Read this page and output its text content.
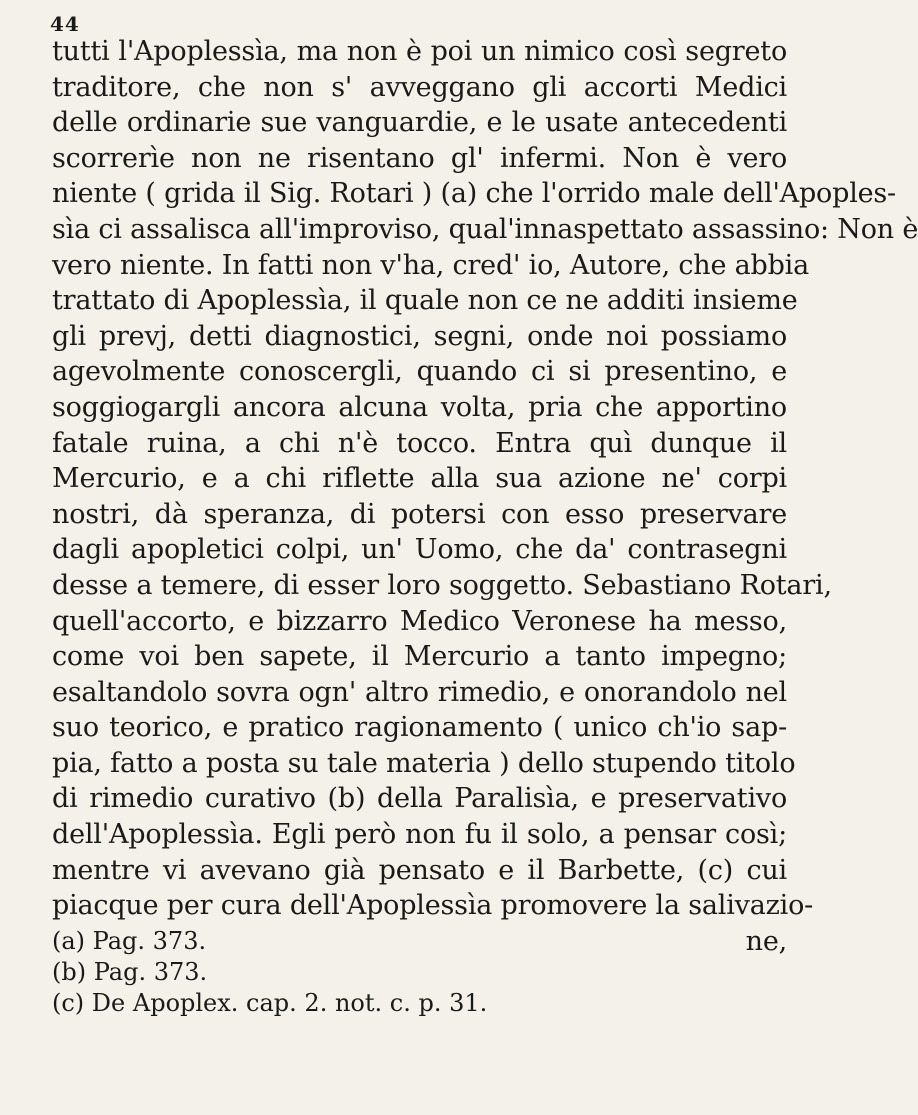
44
tutti l'Apoplessìa, ma non è poi un nimico così segreto
traditore, che non s' avveggano gli accorti Medici
delle ordinarie sue vanguardie, e le usate antecedenti
scorrerìe non ne risentano gl' infermi. Non è vero
niente ( grida il Sig. Rotari ) (a) che l'orrido male dell'Apoples-
sìa ci assalisca all'improviso, qual'innaspettato assassino: Non è
vero niente. In fatti non v'ha, cred' io, Autore, che abbia
trattato di Apoplessìa, il quale non ce ne additi insieme
gli prevj, detti diagnostici, segni, onde noi possiamo
agevolmente conoscergli, quando ci si presentino, e
soggiogargli ancora alcuna volta, pria che apportino
fatale ruina, a chi n'è tocco. Entra quì dunque il
Mercurio, e a chi riflette alla sua azione ne' corpi
nostri, dà speranza, di potersi con esso preservare
dagli apopletici colpi, un' Uomo, che da' contrasegni
desse a temere, di esser loro soggetto. Sebastiano Rotari,
quell'accorto, e bizzarro Medico Veronese ha messo,
come voi ben sapete, il Mercurio a tanto impegno;
esaltandolo sovra ogn' altro rimedio, e onorandolo nel
suo teorico, e pratico ragionamento ( unico ch'io sap-
pia, fatto a posta su tale materia ) dello stupendo titolo
di rimedio curativo (b) della Paralisìa, e preservativo
dell'Apoplessìa. Egli però non fu il solo, a pensar così;
mentre vi avevano già pensato e il Barbette, (c) cui
piacque per cura dell'Apoplessìa promovere la salivazio-
ne,
(a) Pag. 373.
(b) Pag. 373.
(c) De Apoplex. cap. 2. not. c. p. 31.
